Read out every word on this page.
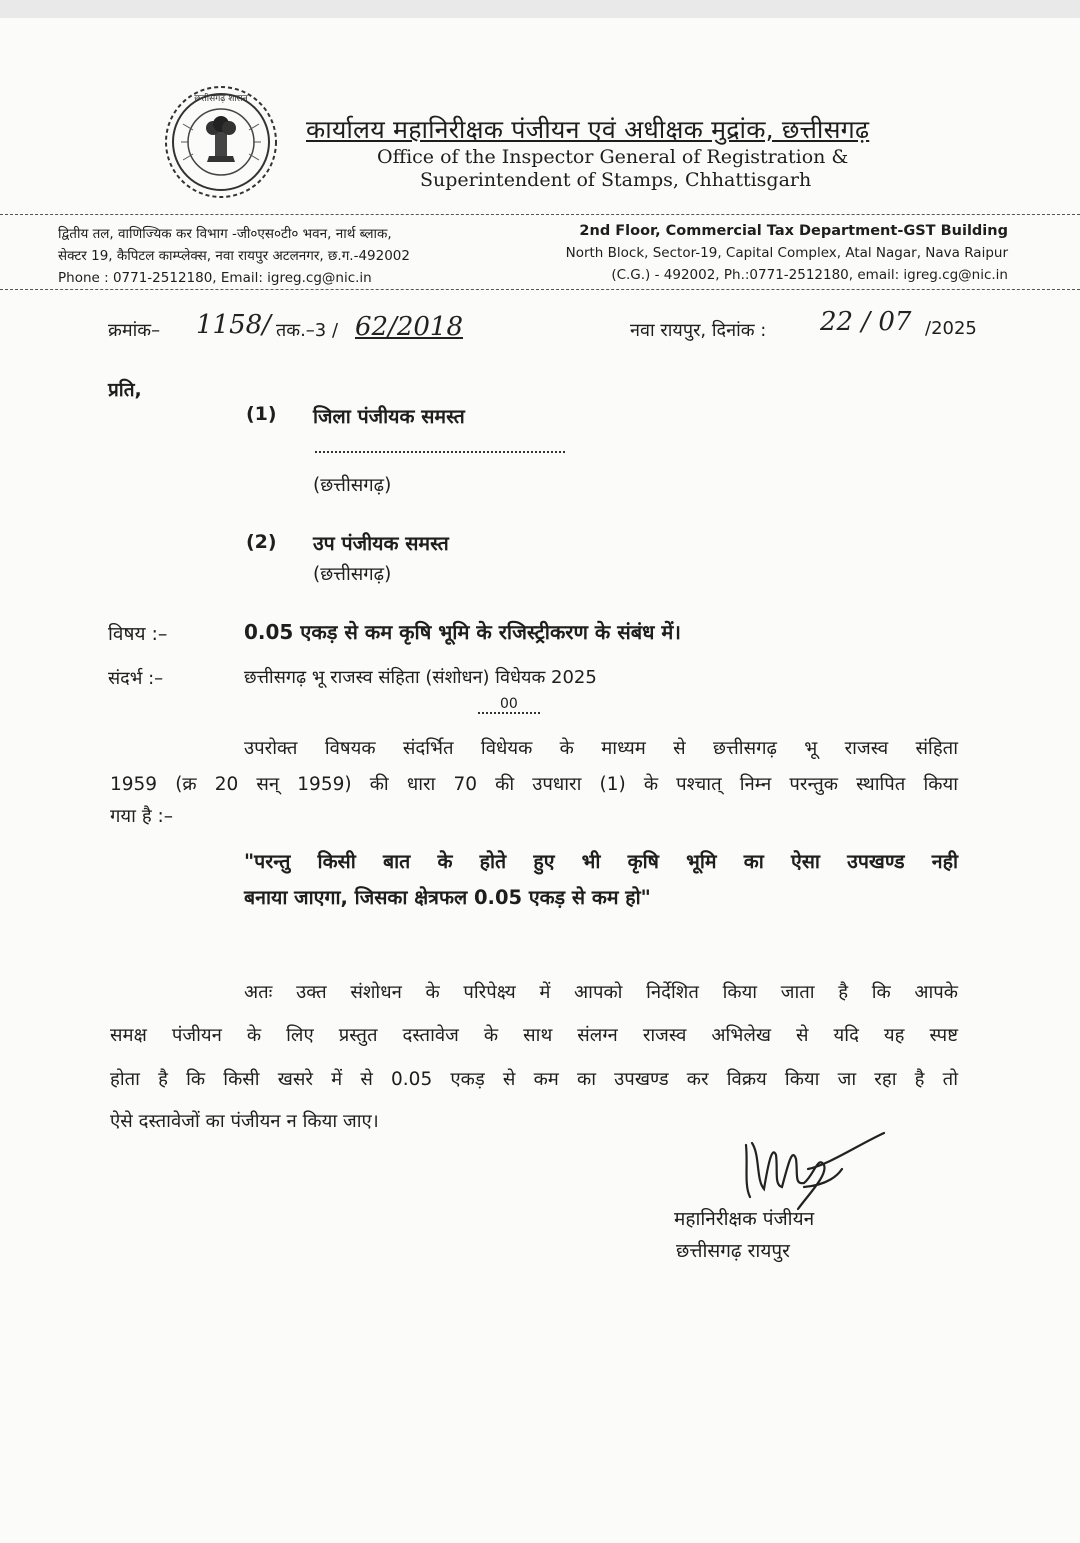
छत्तीसगढ़ शासन
कार्यालय महानिरीक्षक पंजीयन एवं अधीक्षक मुद्रांक, छत्तीसगढ़
Office of the Inspector General of Registration &
Superintendent of Stamps, Chhattisgarh
द्वितीय तल, वाणिज्यिक कर विभाग -जी०एस०टी० भवन, नार्थ ब्लाक,
सेक्टर 19, कैपिटल काम्प्लेक्स, नवा रायपुर अटलनगर, छ.ग.-492002
Phone : 0771-2512180, Email: igreg.cg@nic.in
2nd Floor, Commercial Tax Department-GST Building
North Block, Sector-19, Capital Complex, Atal Nagar, Nava Raipur
(C.G.) - 492002, Ph.:0771-2512180, email: igreg.cg@nic.in
क्रमांक– 1158/ तक.–3 / 62/2018	नवा रायपुर, दिनांक : 22 / 07 /2025
प्रति,
(1) जिला पंजीयक समस्त
(छत्तीसगढ़)
(2) उप पंजीयक समस्त
(छत्तीसगढ़)
विषय :–	0.05 एकड़ से कम कृषि भूमि के रजिस्ट्रीकरण के संबंध में।
संदर्भ :–	छत्तीसगढ़ भू राजस्व संहिता (संशोधन) विधेयक 2025
00
उपरोक्त विषयक संदर्भित विधेयक के माध्यम से छत्तीसगढ़ भू राजस्व संहिता
1959 (क्र 20 सन् 1959) की धारा 70 की उपधारा (1) के पश्चात् निम्न परन्तुक स्थापित किया
गया है :–
"परन्तु किसी बात के होते हुए भी कृषि भूमि का ऐसा उपखण्ड नही
बनाया जाएगा, जिसका क्षेत्रफल 0.05 एकड़ से कम हो"
अतः उक्त संशोधन के परिपेक्ष्य में आपको निर्देशित किया जाता है कि आपके
समक्ष पंजीयन के लिए प्रस्तुत दस्तावेज के साथ संलग्न राजस्व अभिलेख से यदि यह स्पष्ट
होता है कि किसी खसरे में से 0.05 एकड़ से कम का उपखण्ड कर विक्रय किया जा रहा है तो
ऐसे दस्तावेजों का पंजीयन न किया जाए।
महानिरीक्षक पंजीयन
छत्तीसगढ़ रायपुर
